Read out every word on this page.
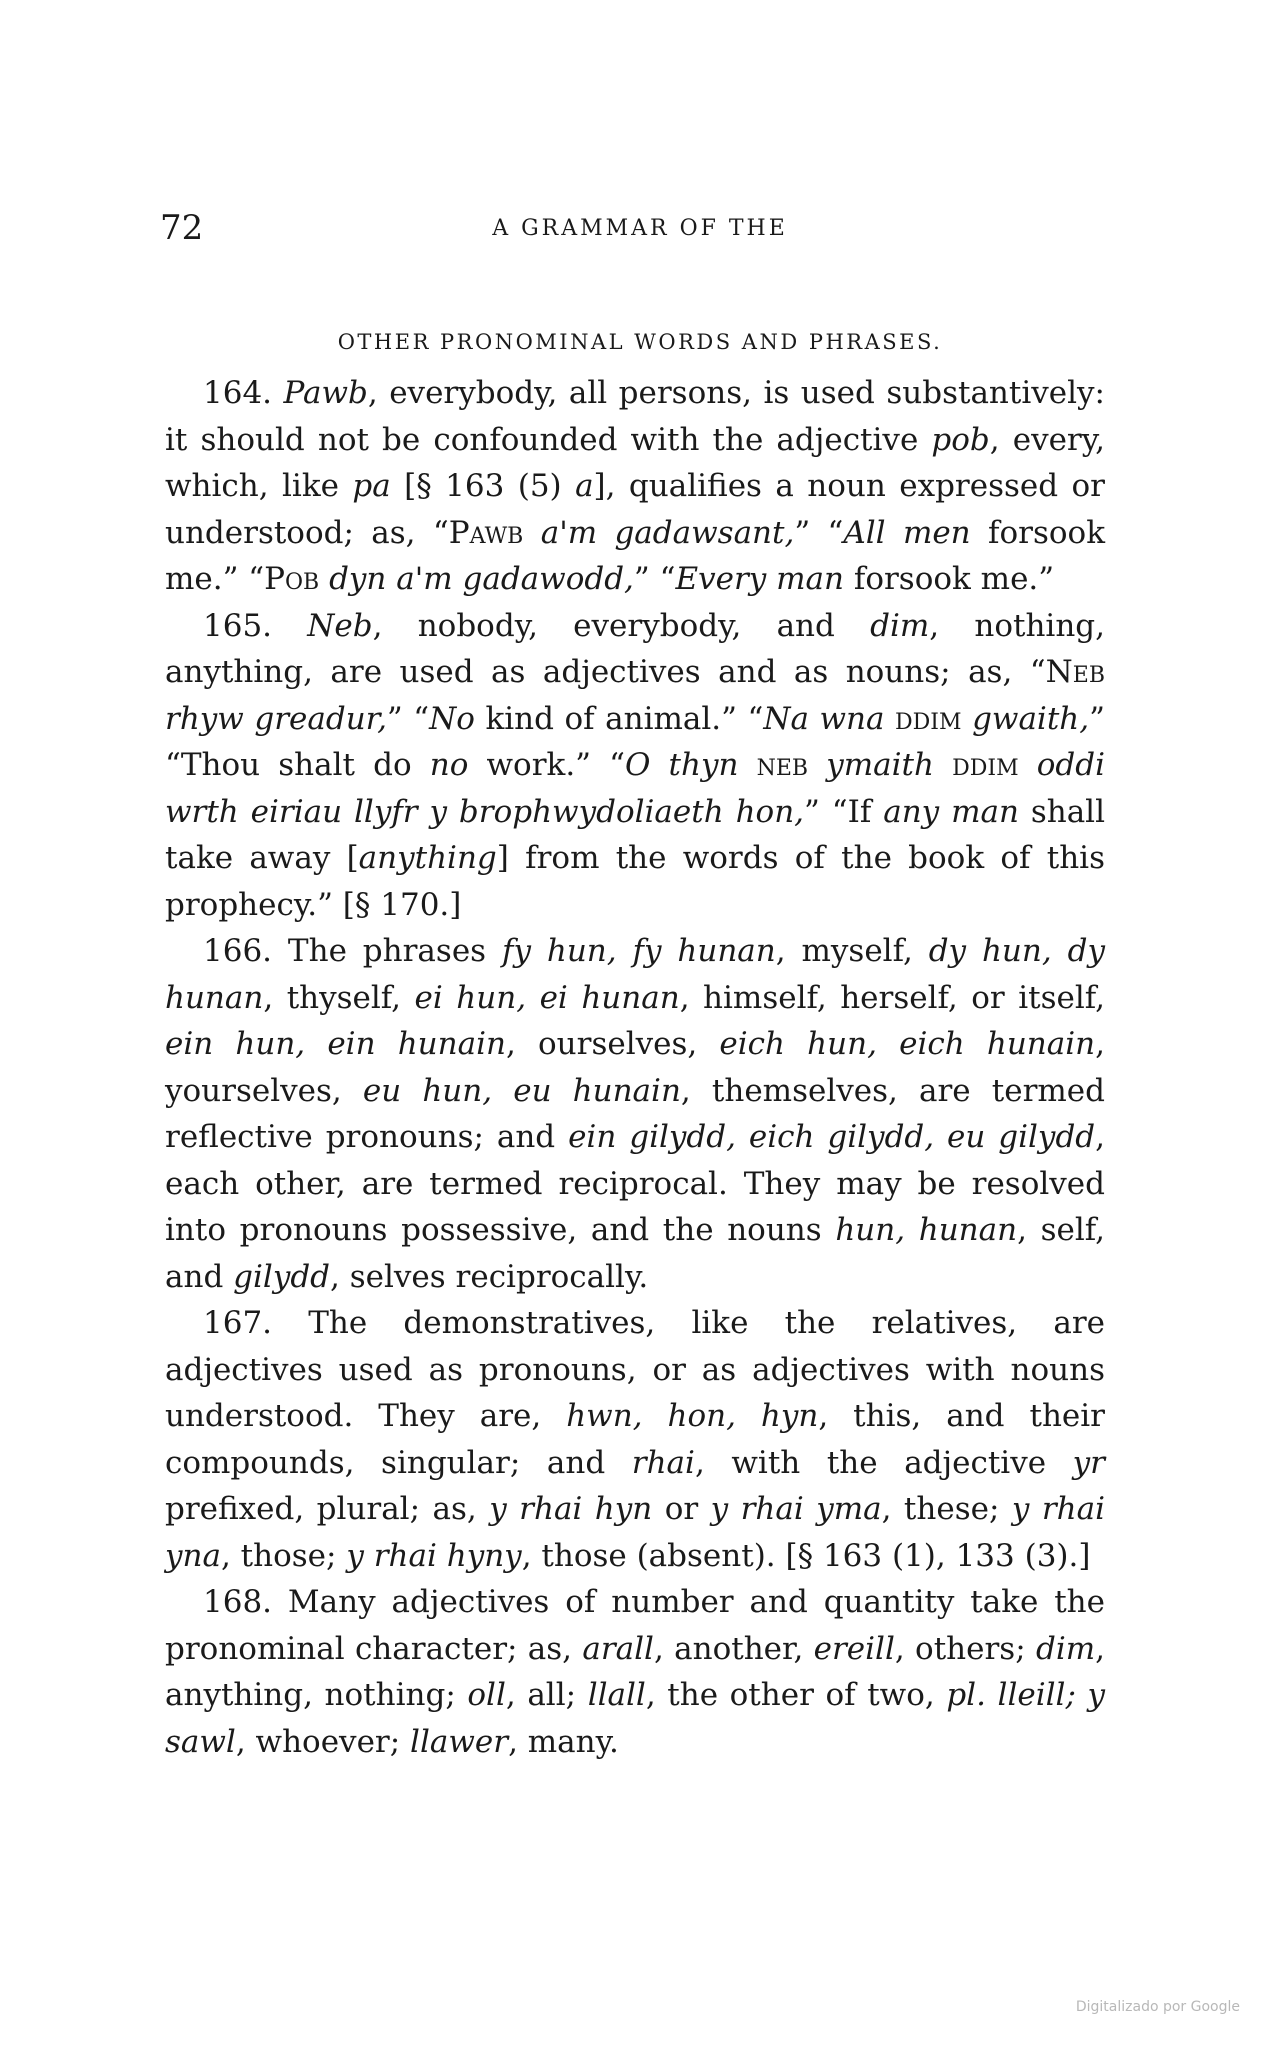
72	A GRAMMAR OF THE
OTHER PRONOMINAL WORDS AND PHRASES.

164. Pawb, everybody, all persons, is used substantively: it should not be confounded with the adjective pob, every, which, like pa [§ 163 (5) a], qualifies a noun expressed or understood; as, “Pawb a'm gadawsant,” “All men forsook me.” “Pob dyn a'm gadawodd,” “Every man forsook me.”

165. Neb, nobody, everybody, and dim, nothing, anything, are used as adjectives and as nouns; as, “Neb rhyw greadur,” “No kind of animal.” “Na wna ddim gwaith,” “Thou shalt do no work.” “O thyn neb ymaith ddim oddi wrth eiriau llyfr y brophwydoliaeth hon,” “If any man shall take away [anything] from the words of the book of this prophecy.” [§ 170.]

166. The phrases fy hun, fy hunan, myself, dy hun, dy hunan, thyself, ei hun, ei hunan, himself, herself, or itself, ein hun, ein hunain, ourselves, eich hun, eich hunain, yourselves, eu hun, eu hunain, themselves, are termed reflective pronouns; and ein gilydd, eich gilydd, eu gilydd, each other, are termed reciprocal. They may be resolved into pronouns possessive, and the nouns hun, hunan, self, and gilydd, selves reciprocally.

167. The demonstratives, like the relatives, are adjectives used as pronouns, or as adjectives with nouns understood. They are, hwn, hon, hyn, this, and their compounds, singular; and rhai, with the adjective yr prefixed, plural; as, y rhai hyn or y rhai yma, these; y rhai yna, those; y rhai hyny, those (absent). [§ 163 (1), 133 (3).]

168. Many adjectives of number and quantity take the pronominal character; as, arall, another, ereill, others; dim, anything, nothing; oll, all; llall, the other of two, pl. lleill; y sawl, whoever; llawer, many.

Digitalizado por Google
